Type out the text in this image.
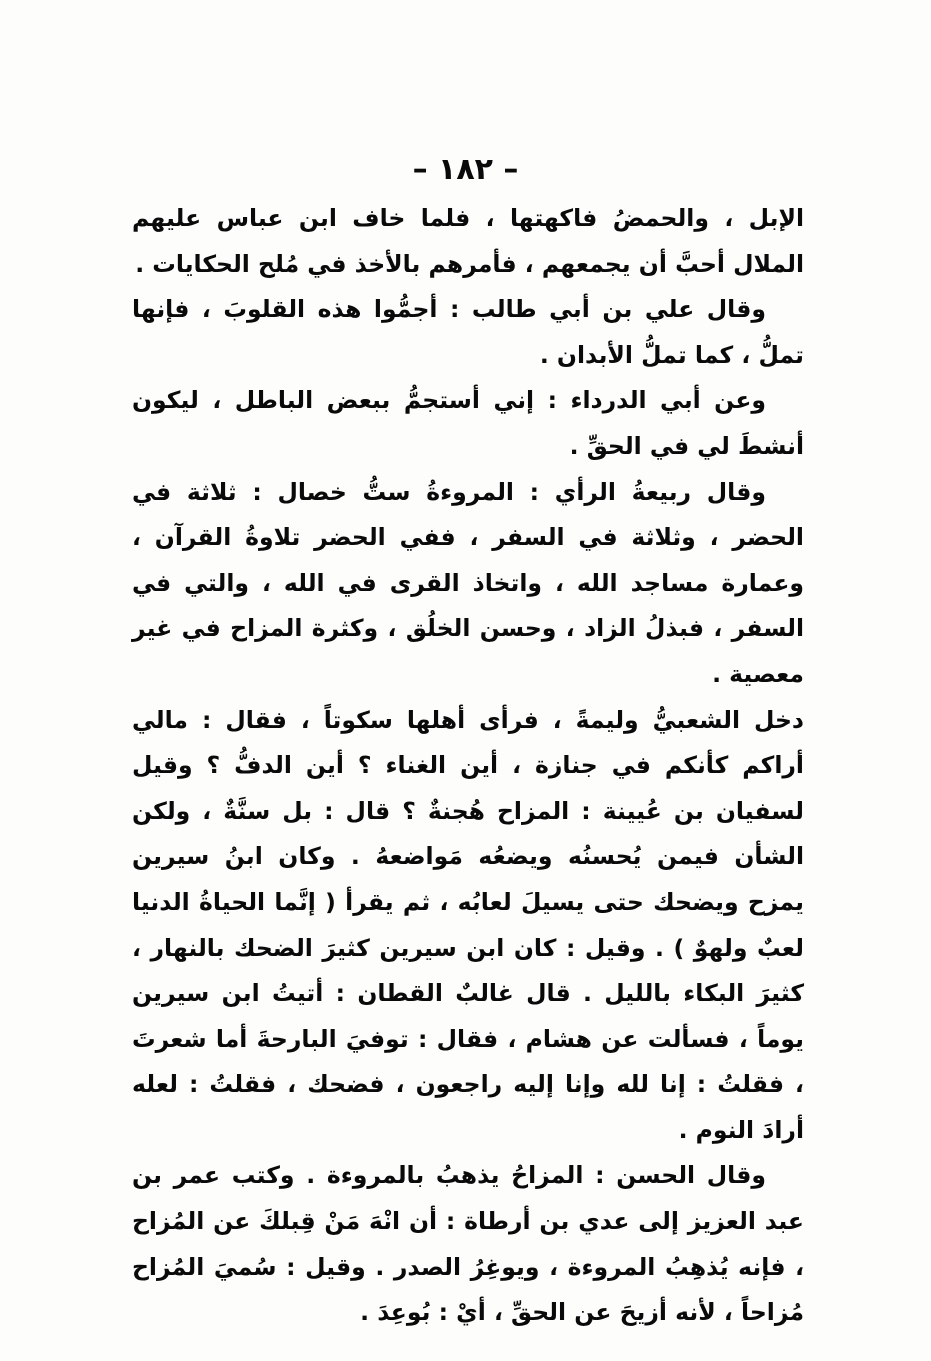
– ١٨٢ –

الإبل ، والحمضُ فاكهتها ، فلما خاف ابن عباس عليهم الملال أحبَّ أن يجمعهم ، فأمرهم بالأخذ في مُلح الحكايات .

وقال علي بن أبي طالب : أجمُّوا هذه القلوبَ ، فإنها تملُّ ، كما تملُّ الأبدان .

وعن أبي الدرداء : إني أستجمُّ ببعض الباطل ، ليكون أنشطَ لي في الحقِّ .

وقال ربيعةُ الرأي : المروءةُ ستُّ خصال : ثلاثة في الحضر ، وثلاثة في السفر ، ففي الحضر تلاوةُ القرآن ، وعمارة مساجد الله ، واتخاذ القرى في الله ، والتي في السفر ، فبذلُ الزاد ، وحسن الخلُق ، وكثرة المزاح في غير معصية .

دخل الشعبيُّ وليمةً ، فرأى أهلها سكوتاً ، فقال : مالي أراكم كأنكم في جنازة ، أين الغناء ؟ أين الدفُّ ؟ وقيل لسفيان بن عُيينة : المزاح هُجنةٌ ؟ قال : بل سنَّةٌ ، ولكن الشأن فيمن يُحسنُه ويضعُه مَواضعهُ . وكان ابنُ سيرين يمزح ويضحك حتى يسيلَ لعابُه ، ثم يقرأ ( إنَّما الحياةُ الدنيا لعبٌ ولهوٌ ) . وقيل : كان ابن سيرين كثيرَ الضحك بالنهار ، كثيرَ البكاء بالليل . قال غالبٌ القطان : أتيتُ ابن سيرين يوماً ، فسألت عن هشام ، فقال : توفيَ البارحةَ أما شعرتَ ، فقلتُ : إنا لله وإنا إليه راجعون ، فضحك ، فقلتُ : لعله أرادَ النوم .

وقال الحسن : المزاحُ يذهبُ بالمروءة . وكتب عمر بن عبد العزيز إلى عدي بن أرطاة : أن انْهَ مَنْ قِبلكَ عن المُزاح ، فإنه يُذهِبُ المروءة ، ويوغِرُ الصدر . وقيل : سُميَ المُزاح مُزاحاً ، لأنه أزيحَ عن الحقِّ ، أيْ : بُوعِدَ .
